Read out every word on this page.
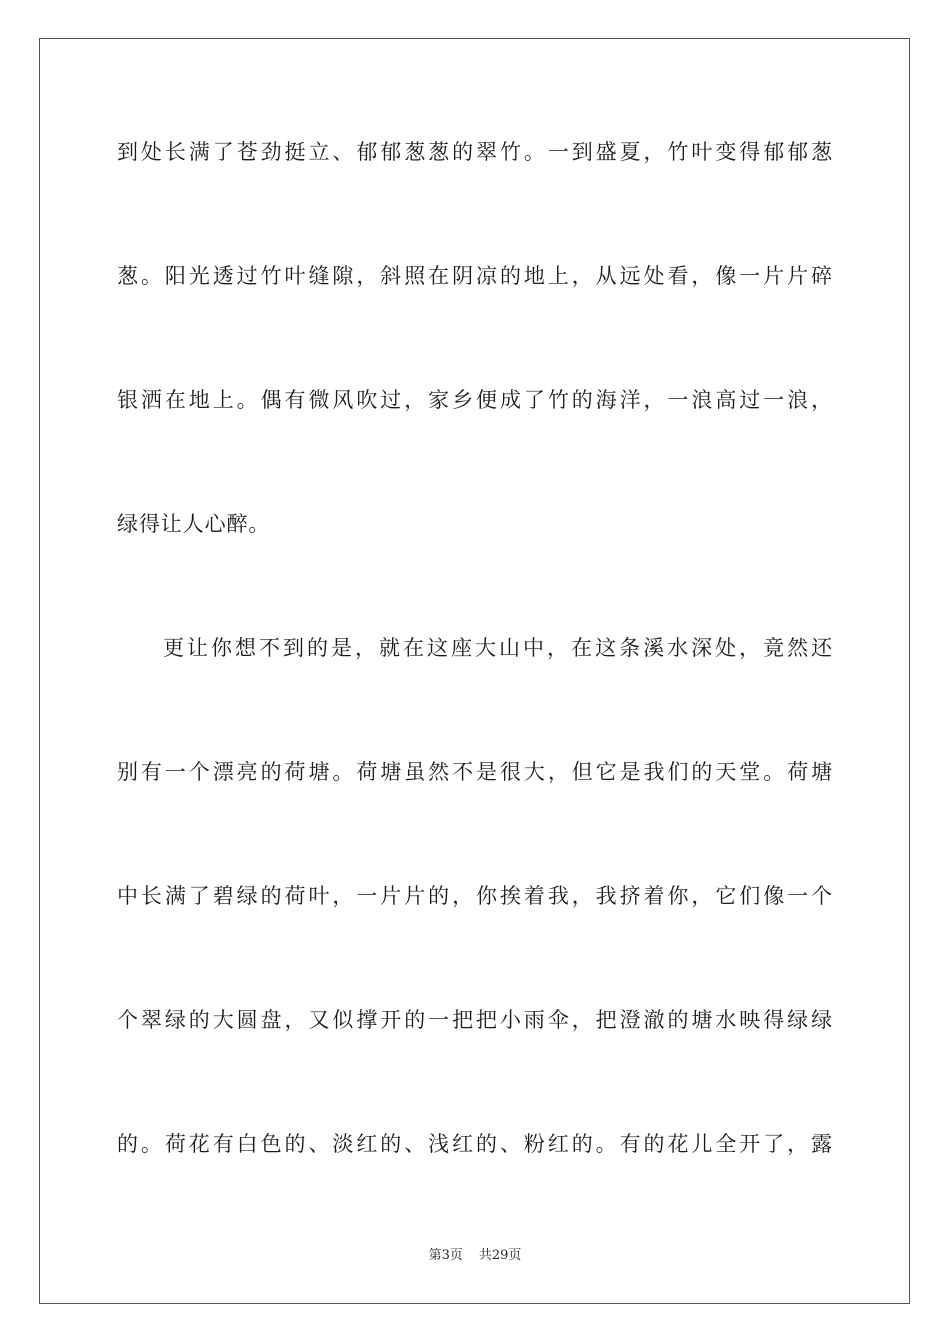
到处长满了苍劲挺立、郁郁葱葱的翠竹。一到盛夏，竹叶变得郁郁葱
葱。阳光透过竹叶缝隙，斜照在阴凉的地上，从远处看，像一片片碎
银洒在地上。偶有微风吹过，家乡便成了竹的海洋，一浪高过一浪，
绿得让人心醉。
更让你想不到的是，就在这座大山中，在这条溪水深处，竟然还
别有一个漂亮的荷塘。荷塘虽然不是很大，但它是我们的天堂。荷塘
中长满了碧绿的荷叶，一片片的，你挨着我，我挤着你，它们像一个
个翠绿的大圆盘，又似撑开的一把把小雨伞，把澄澈的塘水映得绿绿
的。荷花有白色的、淡红的、浅红的、粉红的。有的花儿全开了，露
第3页 共29页
